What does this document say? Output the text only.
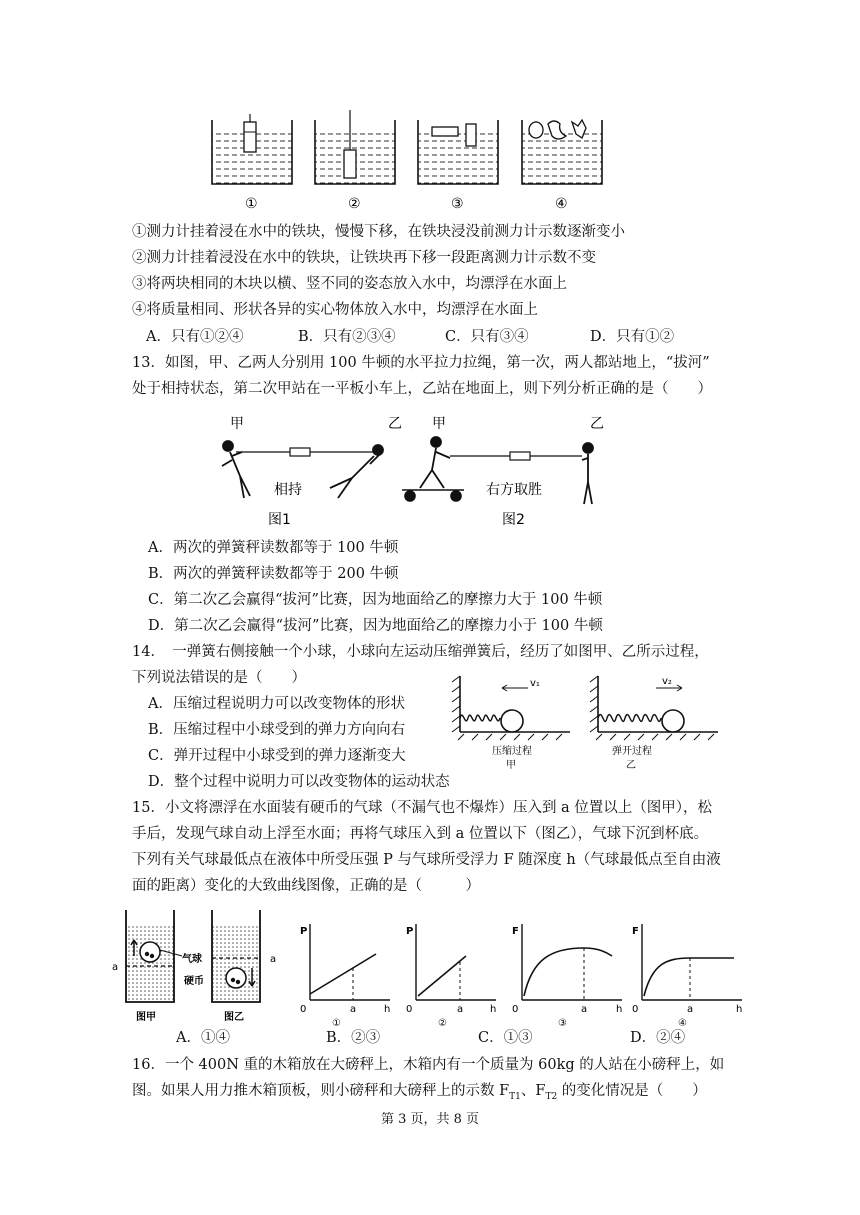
①	②	③	④
①测力计挂着浸在水中的铁块，慢慢下移，在铁块浸没前测力计示数逐渐变小
②测力计挂着浸没在水中的铁块，让铁块再下移一段距离测力计示数不变
③将两块相同的木块以横、竖不同的姿态放入水中，均漂浮在水面上
④将质量相同、形状各异的实心物体放入水中，均漂浮在水面上
A．只有①②④	B．只有②③④	C．只有③④	D．只有①②
13．如图，甲、乙两人分别用 100 牛顿的水平拉力拉绳，第一次，两人都站地上，“拔河”
处于相持状态，第二次甲站在一平板小车上，乙站在地面上，则下列分析正确的是（　　）
甲	乙
相持
图1
甲	乙
右方取胜
图2
A．两次的弹簧秤读数都等于 100 牛顿
B．两次的弹簧秤读数都等于 200 牛顿
C．第二次乙会赢得“拔河”比赛，因为地面给乙的摩擦力大于 100 牛顿
D．第二次乙会赢得“拔河”比赛，因为地面给乙的摩擦力小于 100 牛顿
14．　一弹簧右侧接触一个小球，小球向左运动压缩弹簧后，经历了如图甲、乙所示过程，
下列说法错误的是（　　）
A．压缩过程说明力可以改变物体的形状
B．压缩过程中小球受到的弹力方向向右
C．弹开过程中小球受到的弹力逐渐变大
D．整个过程中说明力可以改变物体的运动状态
v₁
压缩过程
甲
v₂
弹开过程
乙
15．小文将漂浮在水面装有硬币的气球（不漏气也不爆炸）压入到 a 位置以上（图甲），松
手后，发现气球自动上浮至水面；再将气球压入到 a 位置以下（图乙），气球下沉到杯底。
下列有关气球最低点在液体中所受压强 P 与气球所受浮力 F 随深度 h（气球最低点至自由液
面的距离）变化的大致曲线图像，正确的是（　　　）
气球
硬币
a
a
图甲	图乙
P
0	a	h
①
P
0	a	h
②
F
0	a	h
③
F
0	a	h
④
A．①④	B．②③	C．①③	D．②④
16．一个 400N 重的木箱放在大磅秤上，木箱内有一个质量为 60kg 的人站在小磅秤上，如
图。如果人用力推木箱顶板，则小磅秤和大磅秤上的示数 $F_{T1}$、$F_{T2}$ 的变化情况是（　　）
第 3 页，共 8 页
